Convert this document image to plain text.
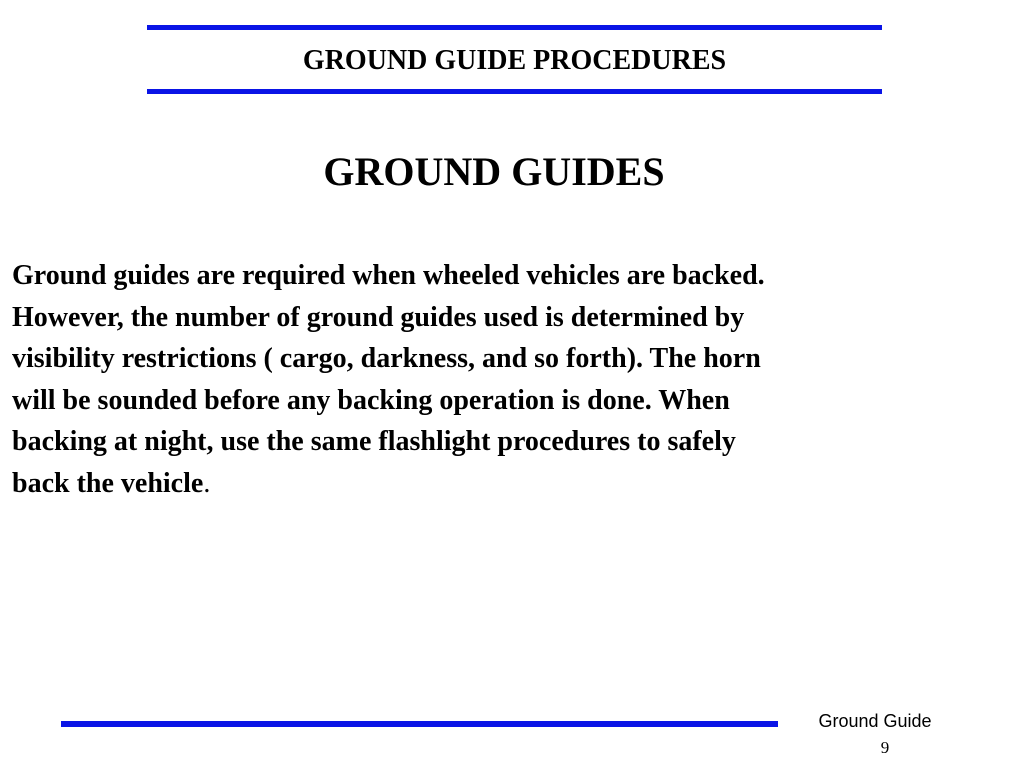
GROUND GUIDE PROCEDURES
GROUND GUIDES

Ground guides are required when wheeled vehicles are backed.
However, the number of ground guides used is determined by
visibility restrictions ( cargo, darkness, and so forth). The horn
will be sounded before any backing operation is done. When
backing at night, use the same flashlight procedures to safely
back the vehicle.

Ground Guide
9
